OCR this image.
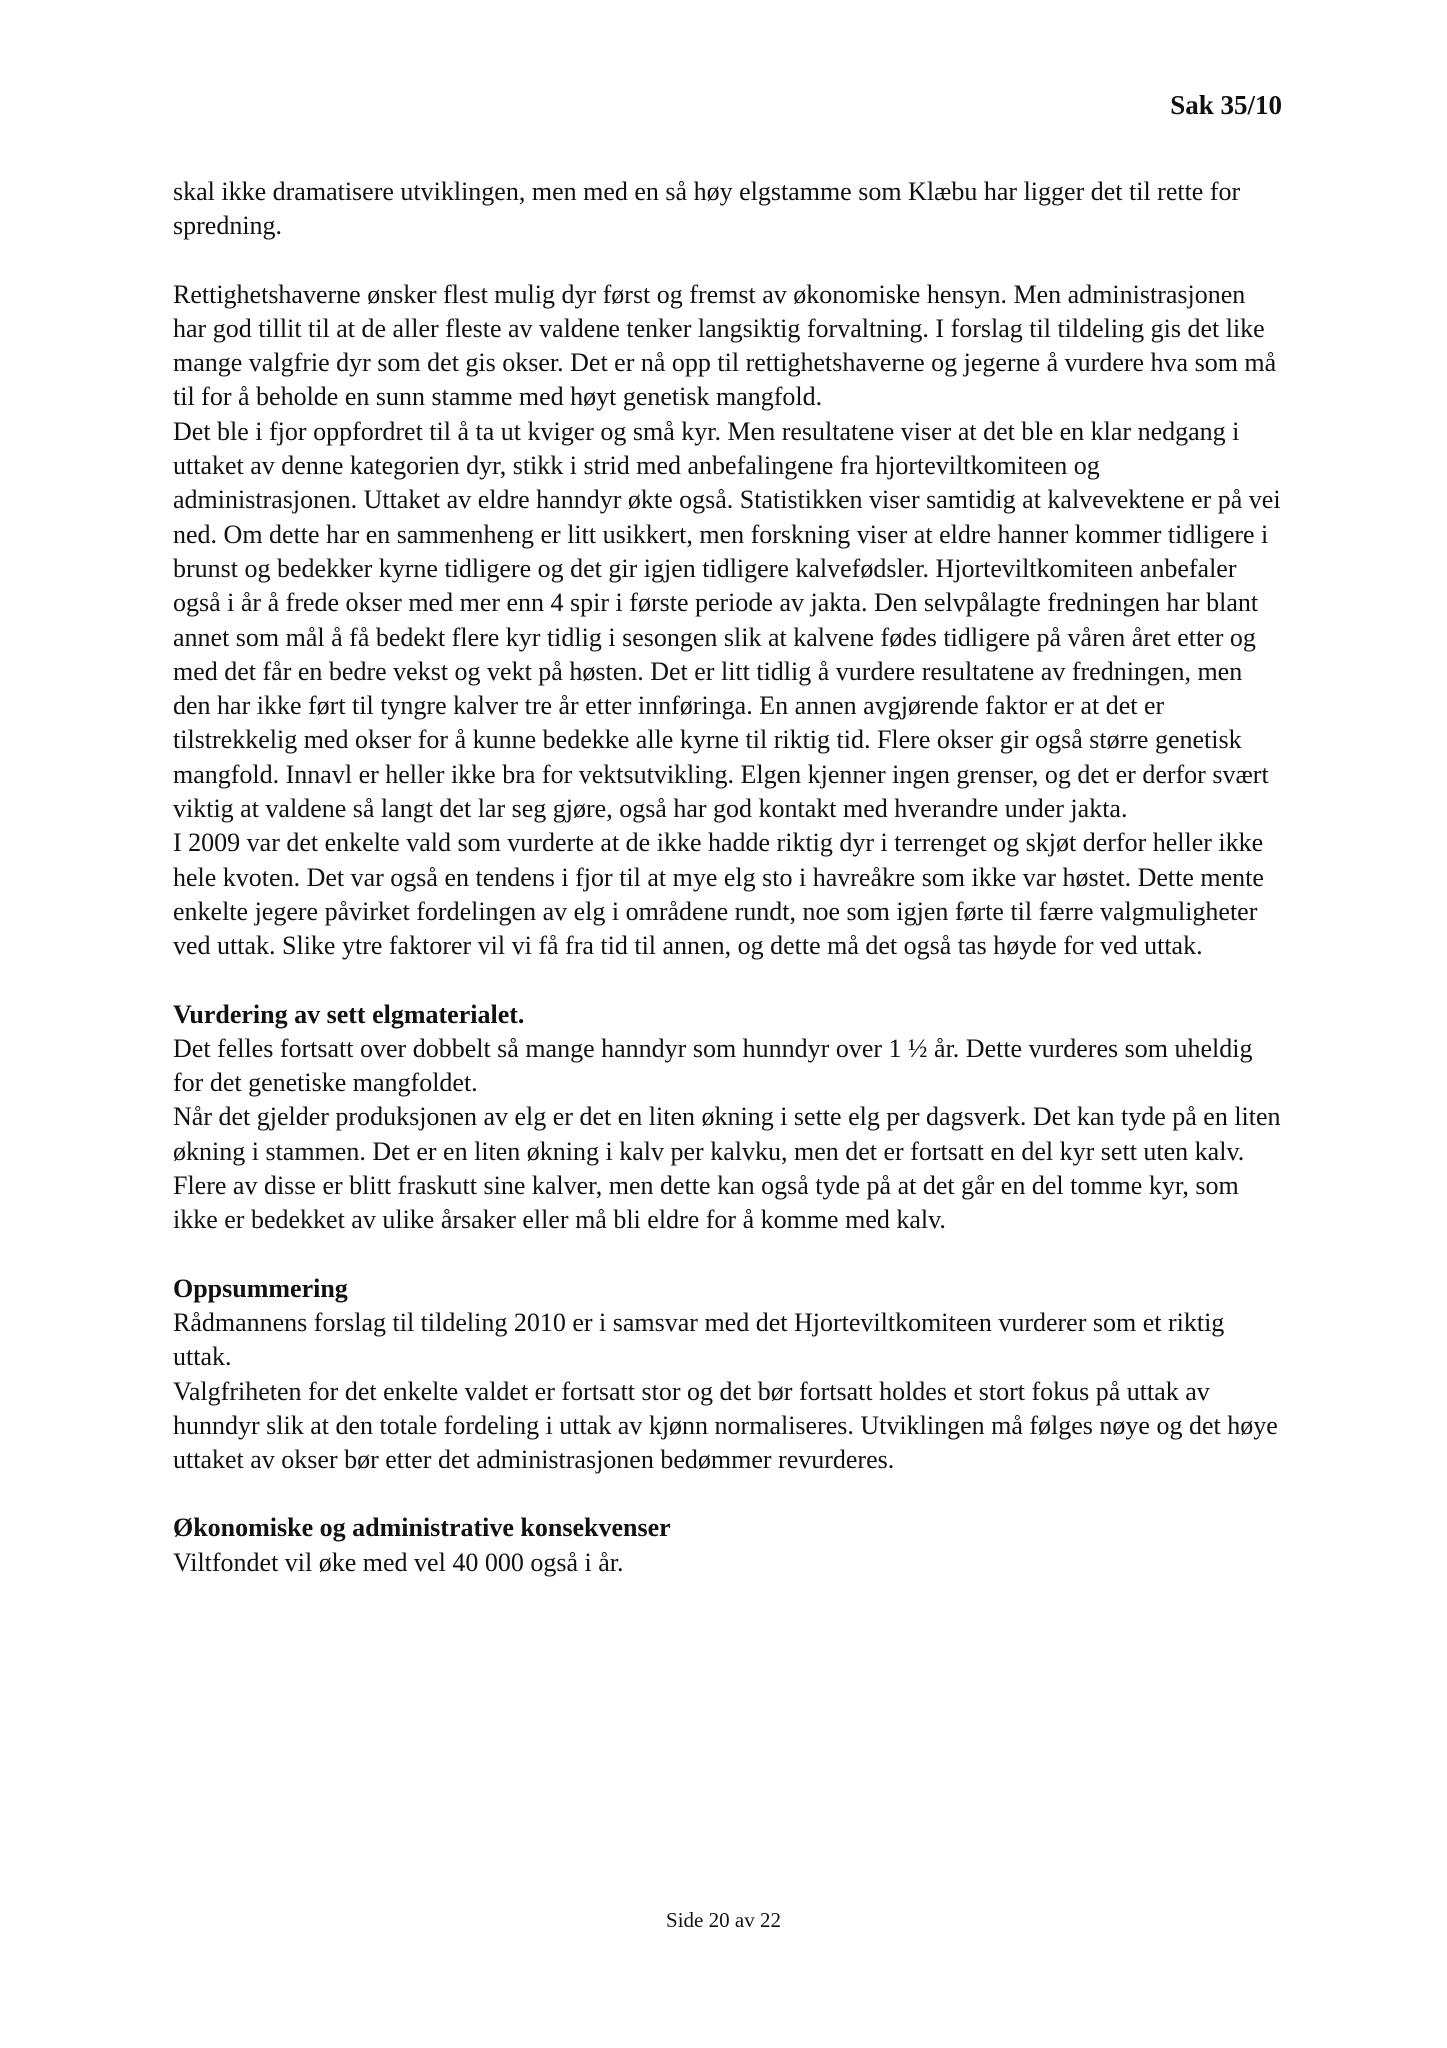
Sak 35/10

skal ikke dramatisere utviklingen, men med en så høy elgstamme som Klæbu har ligger det til rette for spredning.

Rettighetshaverne ønsker flest mulig dyr først og fremst av økonomiske hensyn. Men administrasjonen har god tillit til at de aller fleste av valdene tenker langsiktig forvaltning. I forslag til tildeling gis det like mange valgfrie dyr som det gis okser. Det er nå opp til rettighetshaverne og jegerne å vurdere hva som må til for å beholde en sunn stamme med høyt genetisk mangfold.

Det ble i fjor oppfordret til å ta ut kviger og små kyr. Men resultatene viser at det ble en klar nedgang i uttaket av denne kategorien dyr, stikk i strid med anbefalingene fra hjorteviltkomiteen og administrasjonen. Uttaket av eldre hanndyr økte også. Statistikken viser samtidig at kalvevektene er på vei ned. Om dette har en sammenheng er litt usikkert, men forskning viser at eldre hanner kommer tidligere i brunst og bedekker kyrne tidligere og det gir igjen tidligere kalvefødsler. Hjorteviltkomiteen anbefaler også i år å frede okser med mer enn 4 spir i første periode av jakta. Den selvpålagte fredningen har blant annet som mål å få bedekt flere kyr tidlig i sesongen slik at kalvene fødes tidligere på våren året etter og med det får en bedre vekst og vekt på høsten. Det er litt tidlig å vurdere resultatene av fredningen, men den har ikke ført til tyngre kalver tre år etter innføringa. En annen avgjørende faktor er at det er tilstrekkelig med okser for å kunne bedekke alle kyrne til riktig tid. Flere okser gir også større genetisk mangfold. Innavl er heller ikke bra for vektsutvikling. Elgen kjenner ingen grenser, og det er derfor svært viktig at valdene så langt det lar seg gjøre, også har god kontakt med hverandre under jakta.

I 2009 var det enkelte vald som vurderte at de ikke hadde riktig dyr i terrenget og skjøt derfor heller ikke hele kvoten. Det var også en tendens i fjor til at mye elg sto i havreåkre som ikke var høstet. Dette mente enkelte jegere påvirket fordelingen av elg i områdene rundt, noe som igjen førte til færre valgmuligheter ved uttak. Slike ytre faktorer vil vi få fra tid til annen, og dette må det også tas høyde for ved uttak.

Vurdering av sett elgmaterialet.

Det felles fortsatt over dobbelt så mange hanndyr som hunndyr over 1 ½ år. Dette vurderes som uheldig for det genetiske mangfoldet.

Når det gjelder produksjonen av elg er det en liten økning i sette elg per dagsverk. Det kan tyde på en liten økning i stammen. Det er en liten økning i kalv per kalvku, men det er fortsatt en del kyr sett uten kalv. Flere av disse er blitt fraskutt sine kalver, men dette kan også tyde på at det går en del tomme kyr, som ikke er bedekket av ulike årsaker eller må bli eldre for å komme med kalv.

Oppsummering

Rådmannens forslag til tildeling 2010 er i samsvar med det Hjorteviltkomiteen vurderer som et riktig uttak.

Valgfriheten for det enkelte valdet er fortsatt stor og det bør fortsatt holdes et stort fokus på uttak av hunndyr slik at den totale fordeling i uttak av kjønn normaliseres. Utviklingen må følges nøye og det høye uttaket av okser bør etter det administrasjonen bedømmer revurderes.

Økonomiske og administrative konsekvenser

Viltfondet vil øke med vel 40 000 også i år.

Side 20 av 22
